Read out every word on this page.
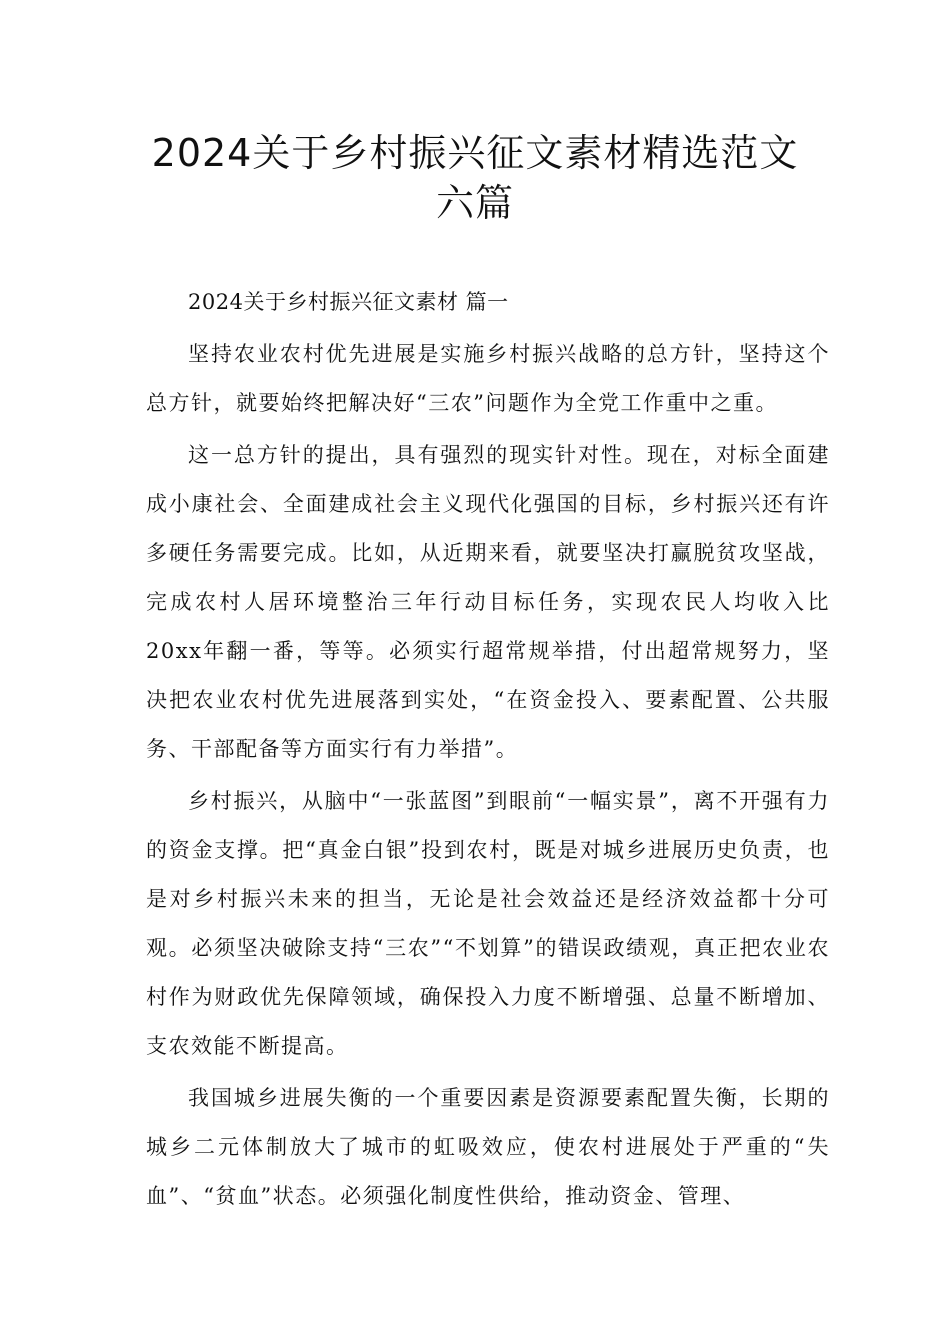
2024关于乡村振兴征文素材精选范文六篇

2024关于乡村振兴征文素材 篇一

坚持农业农村优先进展是实施乡村振兴战略的总方针，坚持这个总方针，就要始终把解决好“三农”问题作为全党工作重中之重。

这一总方针的提出，具有强烈的现实针对性。现在，对标全面建成小康社会、全面建成社会主义现代化强国的目标，乡村振兴还有许多硬任务需要完成。比如，从近期来看，就要坚决打赢脱贫攻坚战，完成农村人居环境整治三年行动目标任务，实现农民人均收入比20xx年翻一番，等等。必须实行超常规举措，付出超常规努力，坚决把农业农村优先进展落到实处，“在资金投入、要素配置、公共服务、干部配备等方面实行有力举措”。

乡村振兴，从脑中“一张蓝图”到眼前“一幅实景”，离不开强有力的资金支撑。把“真金白银”投到农村，既是对城乡进展历史负责，也是对乡村振兴未来的担当，无论是社会效益还是经济效益都十分可观。必须坚决破除支持“三农”“不划算”的错误政绩观，真正把农业农村作为财政优先保障领域，确保投入力度不断增强、总量不断增加、支农效能不断提高。

我国城乡进展失衡的一个重要因素是资源要素配置失衡，长期的城乡二元体制放大了城市的虹吸效应，使农村进展处于严重的“失血”、“贫血”状态。必须强化制度性供给，推动资金、管理、
